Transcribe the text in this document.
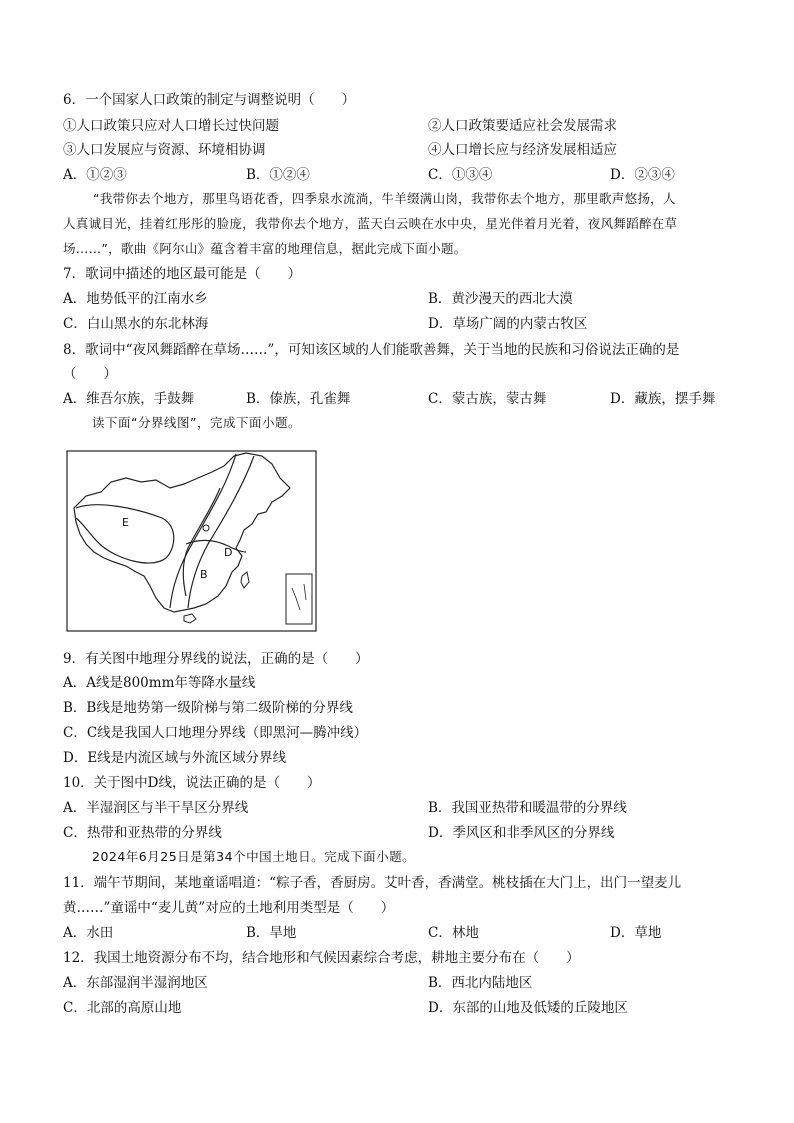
6．一个国家人口政策的制定与调整说明（　　）
①人口政策只应对人口增长过快问题	②人口政策要适应社会发展需求
③人口发展应与资源、环境相协调	④人口增长应与经济发展相适应
A．①②③	B．①②④	C．①③④	D．②③④
“我带你去个地方，那里鸟语花香，四季泉水流淌，牛羊缀满山岗，我带你去个地方，那里歌声悠扬，人
人真诚目光，挂着红彤彤的脸庞，我带你去个地方，蓝天白云映在水中央，星光伴着月光着，夜风舞蹈醉在草
场……”，歌曲《阿尔山》蕴含着丰富的地理信息，据此完成下面小题。
7．歌词中描述的地区最可能是（　　）
A．地势低平的江南水乡	B．黄沙漫天的西北大漠
C．白山黑水的东北林海	D．草场广阔的内蒙古牧区
8．歌词中“夜风舞蹈醉在草场……”，可知该区域的人们能歌善舞，关于当地的民族和习俗说法正确的是
（　　）
A．维吾尔族，手鼓舞	B．傣族，孔雀舞	C．蒙古族，蒙古舞	D．藏族，摆手舞
读下面“分界线图”，完成下面小题。
E
D
B
9．有关图中地理分界线的说法，正确的是（　　）
A．A线是800mm年等降水量线
B．B线是地势第一级阶梯与第二级阶梯的分界线
C．C线是我国人口地理分界线（即黑河—腾冲线）
D．E线是内流区域与外流区域分界线
10．关于图中D线，说法正确的是（　　）
A．半湿润区与半干旱区分界线	B．我国亚热带和暖温带的分界线
C．热带和亚热带的分界线	D．季风区和非季风区的分界线
2024年6月25日是第34个中国土地日。完成下面小题。
11．端午节期间，某地童谣唱道：“粽子香，香厨房。艾叶香，香满堂。桃枝插在大门上，出门一望麦儿
黄……”童谣中“麦儿黄”对应的土地利用类型是（　　）
A．水田	B．旱地	C．林地	D．草地
12．我国土地资源分布不均，结合地形和气候因素综合考虑，耕地主要分布在（　　）
A．东部湿润半湿润地区	B．西北内陆地区
C．北部的高原山地	D．东部的山地及低矮的丘陵地区
